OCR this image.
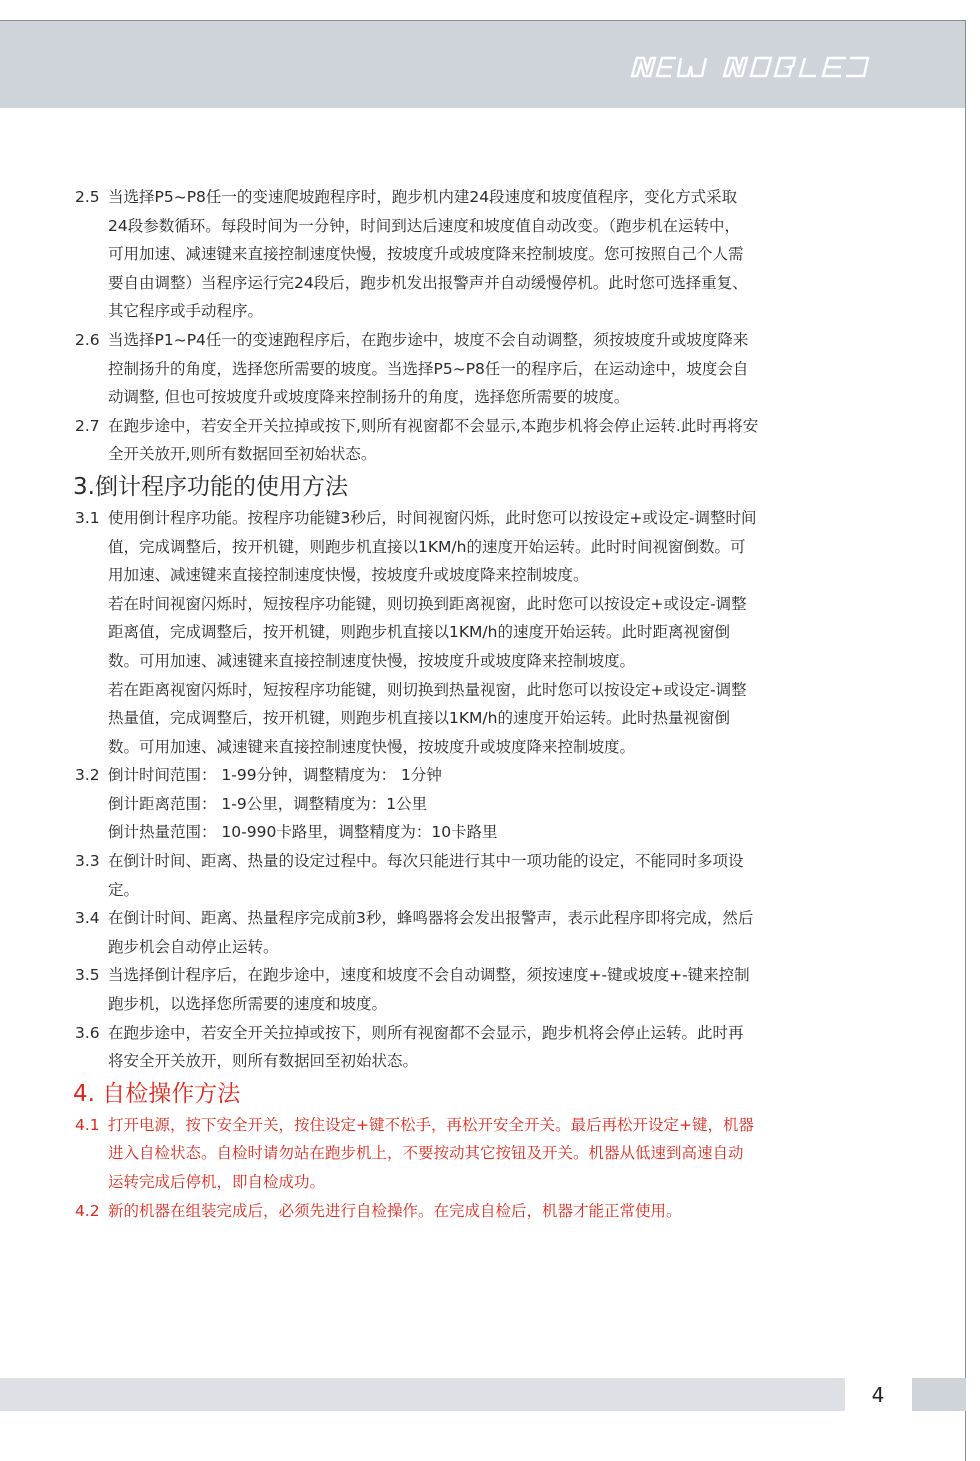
2.5 当选择P5~P8任一的变速爬坡跑程序时，跑步机内建24段速度和坡度值程序，变化方式采取
24段参数循环。每段时间为一分钟，时间到达后速度和坡度值自动改变。（跑步机在运转中，
可用加速、减速键来直接控制速度快慢，按坡度升或坡度降来控制坡度。您可按照自己个人需
要自由调整）当程序运行完24段后，跑步机发出报警声并自动缓慢停机。此时您可选择重复、
其它程序或手动程序。
2.6 当选择P1~P4任一的变速跑程序后，在跑步途中，坡度不会自动调整，须按坡度升或坡度降来
控制扬升的角度，选择您所需要的坡度。当选择P5~P8任一的程序后，在运动途中，坡度会自
动调整, 但也可按坡度升或坡度降来控制扬升的角度，选择您所需要的坡度。
2.7 在跑步途中，若安全开关拉掉或按下,则所有视窗都不会显示,本跑步机将会停止运转.此时再将安
全开关放开,则所有数据回至初始状态。
3.倒计程序功能的使用方法
3.1 使用倒计程序功能。按程序功能键3秒后，时间视窗闪烁，此时您可以按设定+或设定-调整时间
值，完成调整后，按开机键，则跑步机直接以1KM/h的速度开始运转。此时时间视窗倒数。可
用加速、减速键来直接控制速度快慢，按坡度升或坡度降来控制坡度。
若在时间视窗闪烁时，短按程序功能键，则切换到距离视窗，此时您可以按设定+或设定-调整
距离值，完成调整后，按开机键，则跑步机直接以1KM/h的速度开始运转。此时距离视窗倒
数。可用加速、减速键来直接控制速度快慢，按坡度升或坡度降来控制坡度。
若在距离视窗闪烁时，短按程序功能键，则切换到热量视窗，此时您可以按设定+或设定-调整
热量值，完成调整后，按开机键，则跑步机直接以1KM/h的速度开始运转。此时热量视窗倒
数。可用加速、减速键来直接控制速度快慢，按坡度升或坡度降来控制坡度。
3.2 倒计时间范围： 1-99分钟，调整精度为： 1分钟
倒计距离范围： 1-9公里，调整精度为：1公里
倒计热量范围： 10-990卡路里，调整精度为：10卡路里
3.3 在倒计时间、距离、热量的设定过程中。每次只能进行其中一项功能的设定，不能同时多项设
定。
3.4 在倒计时间、距离、热量程序完成前3秒，蜂鸣器将会发出报警声，表示此程序即将完成，然后
跑步机会自动停止运转。
3.5 当选择倒计程序后，在跑步途中，速度和坡度不会自动调整，须按速度+-键或坡度+-键来控制
跑步机，以选择您所需要的速度和坡度。
3.6 在跑步途中，若安全开关拉掉或按下，则所有视窗都不会显示，跑步机将会停止运转。此时再
将安全开关放开，则所有数据回至初始状态。
4. 自检操作方法
4.1 打开电源，按下安全开关，按住设定+键不松手，再松开安全开关。最后再松开设定+键，机器
进入自检状态。自检时请勿站在跑步机上，不要按动其它按钮及开关。机器从低速到高速自动
运转完成后停机，即自检成功。
4.2 新的机器在组装完成后，必须先进行自检操作。在完成自检后，机器才能正常使用。
4
